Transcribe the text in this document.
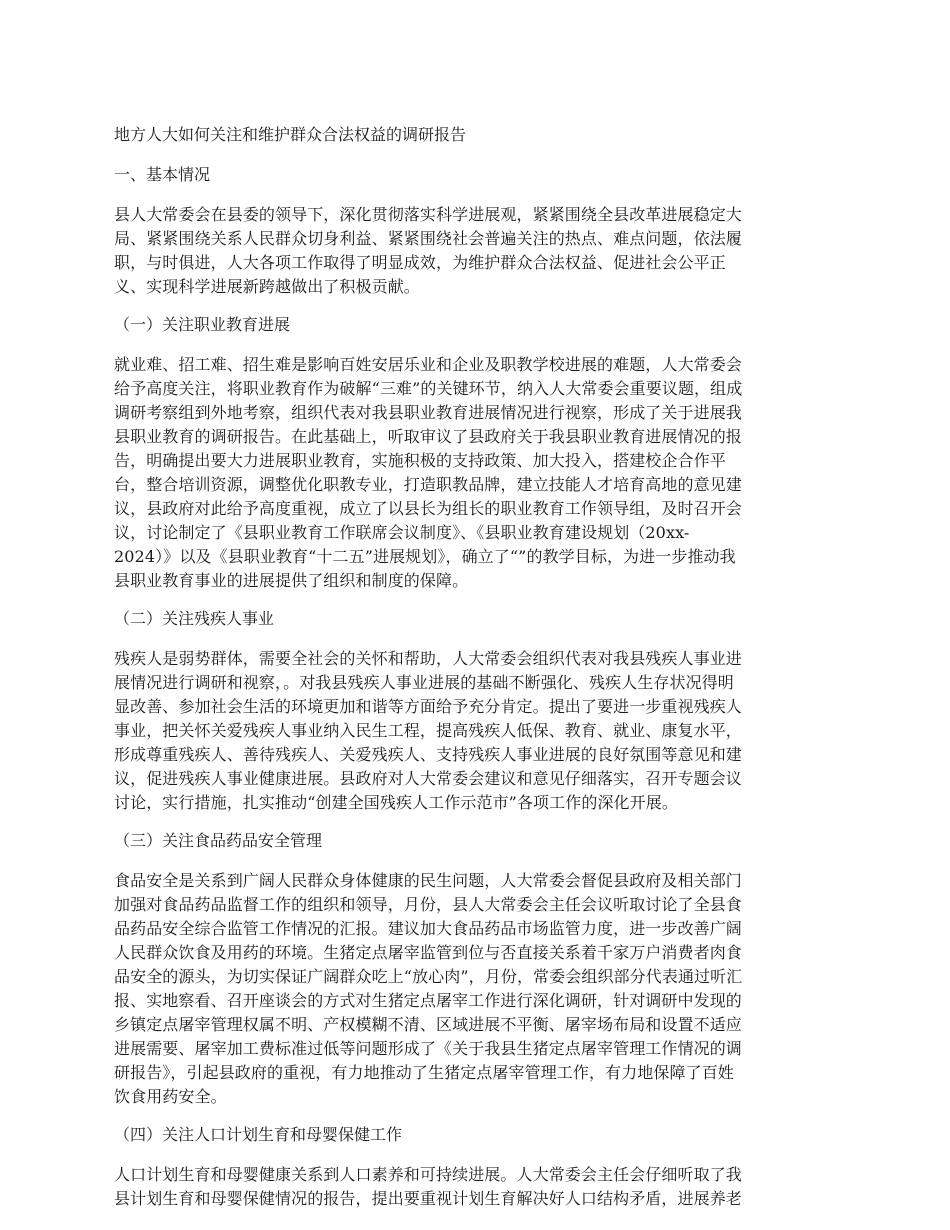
地方人大如何关注和维护群众合法权益的调研报告
一、基本情况
县人大常委会在县委的领导下，深化贯彻落实科学进展观，紧紧围绕全县改革进展稳定大
局、紧紧围绕关系人民群众切身利益、紧紧围绕社会普遍关注的热点、难点问题，依法履
职，与时俱进，人大各项工作取得了明显成效，为维护群众合法权益、促进社会公平正
义、实现科学进展新跨越做出了积极贡献。
（一）关注职业教育进展
就业难、招工难、招生难是影响百姓安居乐业和企业及职教学校进展的难题，人大常委会
给予高度关注，将职业教育作为破解“三难”的关键环节，纳入人大常委会重要议题，组成
调研考察组到外地考察，组织代表对我县职业教育进展情况进行视察，形成了关于进展我
县职业教育的调研报告。在此基础上，听取审议了县政府关于我县职业教育进展情况的报
告，明确提出要大力进展职业教育，实施积极的支持政策、加大投入，搭建校企合作平
台，整合培训资源，调整优化职教专业，打造职教品牌，建立技能人才培育高地的意见建
议，县政府对此给予高度重视，成立了以县长为组长的职业教育工作领导组，及时召开会
议，讨论制定了《县职业教育工作联席会议制度》、《县职业教育建设规划（20xx-
2024）》以及《县职业教育“十二五”进展规划》，确立了“”的教学目标，为进一步推动我
县职业教育事业的进展提供了组织和制度的保障。
（二）关注残疾人事业
残疾人是弱势群体，需要全社会的关怀和帮助，人大常委会组织代表对我县残疾人事业进
展情况进行调研和视察，。对我县残疾人事业进展的基础不断强化、残疾人生存状况得明
显改善、参加社会生活的环境更加和谐等方面给予充分肯定。提出了要进一步重视残疾人
事业，把关怀关爱残疾人事业纳入民生工程，提高残疾人低保、教育、就业、康复水平，
形成尊重残疾人、善待残疾人、关爱残疾人、支持残疾人事业进展的良好氛围等意见和建
议，促进残疾人事业健康进展。县政府对人大常委会建议和意见仔细落实，召开专题会议
讨论，实行措施，扎实推动“创建全国残疾人工作示范市”各项工作的深化开展。
（三）关注食品药品安全管理
食品安全是关系到广阔人民群众身体健康的民生问题，人大常委会督促县政府及相关部门
加强对食品药品监督工作的组织和领导，月份，县人大常委会主任会议听取讨论了全县食
品药品安全综合监管工作情况的汇报。建议加大食品药品市场监管力度，进一步改善广阔
人民群众饮食及用药的环境。生猪定点屠宰监管到位与否直接关系着千家万户消费者肉食
品安全的源头，为切实保证广阔群众吃上“放心肉”，月份，常委会组织部分代表通过听汇
报、实地察看、召开座谈会的方式对生猪定点屠宰工作进行深化调研，针对调研中发现的
乡镇定点屠宰管理权属不明、产权模糊不清、区域进展不平衡、屠宰场布局和设置不适应
进展需要、屠宰加工费标准过低等问题形成了《关于我县生猪定点屠宰管理工作情况的调
研报告》，引起县政府的重视，有力地推动了生猪定点屠宰管理工作，有力地保障了百姓
饮食用药安全。
（四）关注人口计划生育和母婴保健工作
人口计划生育和母婴健康关系到人口素养和可持续进展。人大常委会主任会仔细听取了我
县计划生育和母婴保健情况的报告，提出要重视计划生育解决好人口结构矛盾，进展养老
